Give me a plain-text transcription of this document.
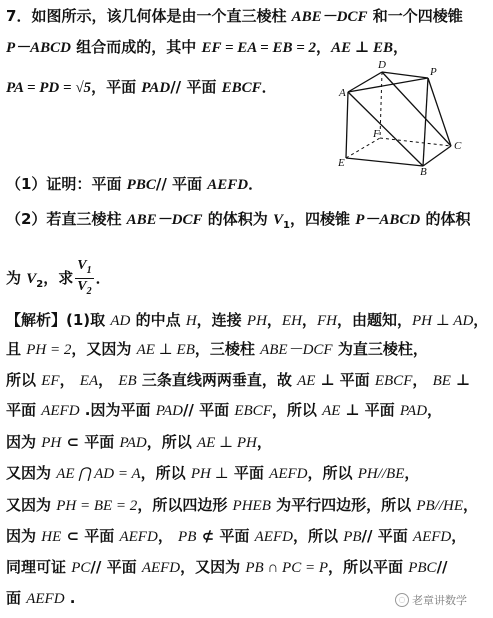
7．如图所示，该几何体是由一个直三棱柱 ABE－DCF 和一个四棱锥
P－ABCD 组合而成的，其中 EF = EA = EB = 2，AE ⊥ EB，
PA = PD = √5，平面 PAD// 平面 EBCF．
D
P
A
F
C
E
B
（1）证明：平面 PBC// 平面 AEFD．
（2）若直三棱柱 ABE－DCF 的体积为 $V_1$，四棱锥 P－ABCD 的体积
为 $V_2$，求 $\frac{V_1}{V_2}$ ．
【解析】(1)取 AD 的中点 H，连接 PH，EH，FH，由题知，PH ⊥ AD，
且 PH = 2，又因为 AE ⊥ EB，三棱柱 ABE－DCF 为直三棱柱，
所以 EF， EA， EB 三条直线两两垂直，故 AE ⊥ 平面 EBCF， BE ⊥
平面 AEFD .因为平面 PAD// 平面 EBCF，所以 AE ⊥ 平面 PAD，
因为 PH ⊂ 平面 PAD，所以 AE ⊥ PH，
又因为 AE ⋂ AD = A，所以 PH ⊥ 平面 AEFD，所以 PH//BE，
又因为 PH = BE = 2，所以四边形 PHEB 为平行四边形，所以 PB//HE，
因为 HE ⊂ 平面 AEFD， PB ⊄ 平面 AEFD，所以 PB// 平面 AEFD，
同理可证 PC// 平面 AEFD，又因为 PB ∩ PC = P，所以平面 PBC//
面 AEFD .	◌ 老章讲数学
